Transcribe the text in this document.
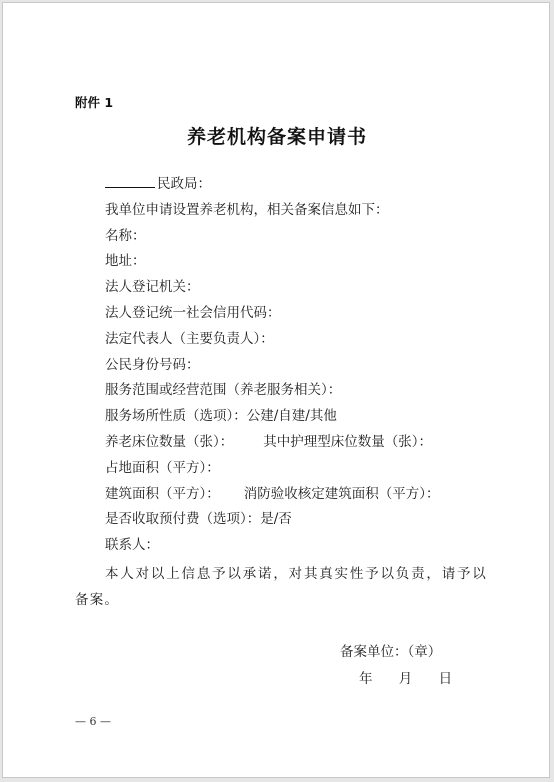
附件 1
养老机构备案申请书
民政局：
我单位申请设置养老机构，相关备案信息如下：
名称：
地址：
法人登记机关：
法人登记统一社会信用代码：
法定代表人（主要负责人）：
公民身份号码：
服务范围或经营范围（养老服务相关）：
服务场所性质（选项）：公建/自建/其他
养老床位数量（张）： 其中护理型床位数量（张）：
占地面积（平方）：
建筑面积（平方）： 消防验收核定建筑面积（平方）：
是否收取预付费（选项）：是/否
联系人：
本人对以上信息予以承诺，对其真实性予以负责，请予以备案。
备案单位：（章）
年 月 日
— 6 —
